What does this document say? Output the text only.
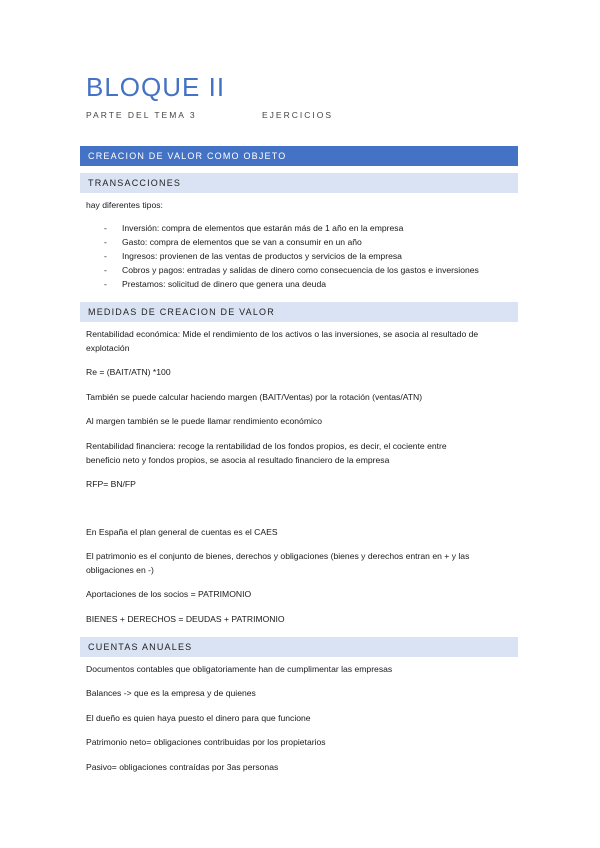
BLOQUE II
PARTE DEL TEMA 3	EJERCICIOS
CREACION DE VALOR COMO OBJETO
TRANSACCIONES
hay diferentes tipos:
- Inversión: compra de elementos que estarán más de 1 año en la empresa
- Gasto: compra de elementos que se van a consumir en un año
- Ingresos: provienen de las ventas de productos y servicios de la empresa
- Cobros y pagos: entradas y salidas de dinero como consecuencia de los gastos e inversiones
- Prestamos: solicitud de dinero que genera una deuda
MEDIDAS DE CREACION DE VALOR
Rentabilidad económica: Mide el rendimiento de los activos o las inversiones, se asocia al resultado de
explotación
Re = (BAIT/ATN) *100
También se puede calcular haciendo margen (BAIT/Ventas) por la rotación (ventas/ATN)
Al margen también se le puede llamar rendimiento económico
Rentabilidad financiera: recoge la rentabilidad de los fondos propios, es decir, el cociente entre
beneficio neto y fondos propios, se asocia al resultado financiero de la empresa
RFP= BN/FP
En España el plan general de cuentas es el CAES
El patrimonio es el conjunto de bienes, derechos y obligaciones (bienes y derechos entran en + y las
obligaciones en -)
Aportaciones de los socios = PATRIMONIO
BIENES + DERECHOS = DEUDAS + PATRIMONIO
CUENTAS ANUALES
Documentos contables que obligatoriamente han de cumplimentar las empresas
Balances -> que es la empresa y de quienes
El dueño es quien haya puesto el dinero para que funcione
Patrimonio neto= obligaciones contribuidas por los propietarios
Pasivo= obligaciones contraídas por 3as personas
